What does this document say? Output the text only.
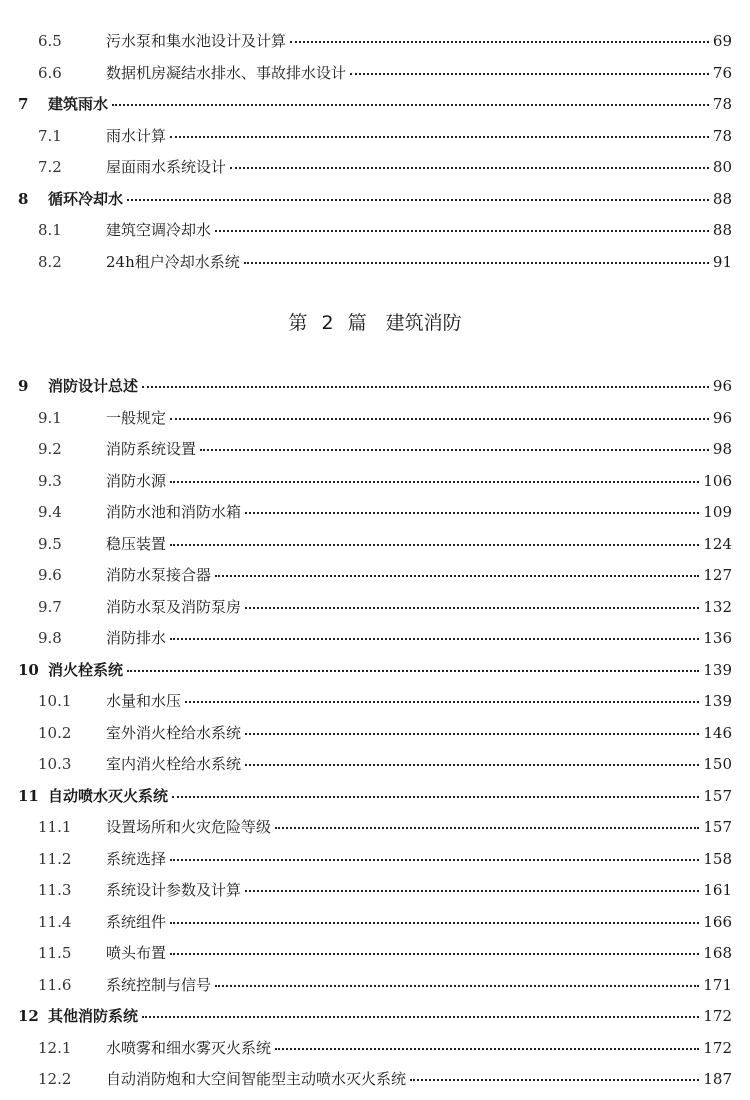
6.5	污水泵和集水池设计及计算	69
6.6	数据机房凝结水排水、事故排水设计	76
7	建筑雨水	78
7.1	雨水计算	78
7.2	屋面雨水系统设计	80
8	循环冷却水	88
8.1	建筑空调冷却水	88
8.2	24h租户冷却水系统	91
第 2 篇　建筑消防
9	消防设计总述	96
9.1	一般规定	96
9.2	消防系统设置	98
9.3	消防水源	106
9.4	消防水池和消防水箱	109
9.5	稳压装置	124
9.6	消防水泵接合器	127
9.7	消防水泵及消防泵房	132
9.8	消防排水	136
10 消火栓系统	139
10.1	水量和水压	139
10.2	室外消火栓给水系统	146
10.3	室内消火栓给水系统	150
11 自动喷水灭火系统	157
11.1	设置场所和火灾危险等级	157
11.2	系统选择	158
11.3	系统设计参数及计算	161
11.4	系统组件	166
11.5	喷头布置	168
11.6	系统控制与信号	171
12 其他消防系统	172
12.1	水喷雾和细水雾灭火系统	172
12.2	自动消防炮和大空间智能型主动喷水灭火系统	187
